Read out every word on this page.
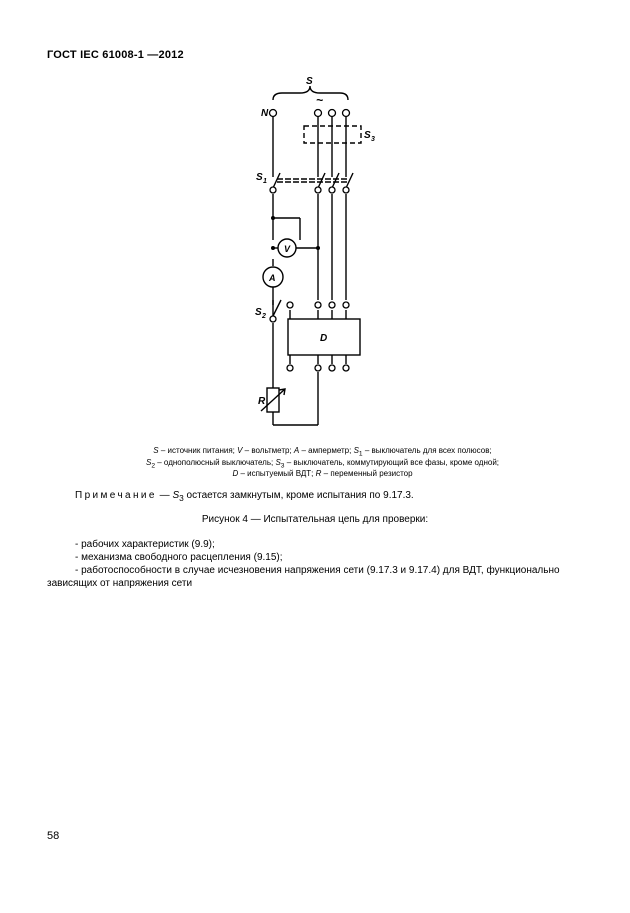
ГОСТ IEC 61008-1 —2012
S
~
N
S 3
S 1
V
A
S 2
D
R
S – источник питания; V – вольтметр; A – амперметр; $S_1$ – выключатель для всех полюсов;
$S_2$ – однополюсный выключатель; $S_3$ – выключатель, коммутирующий все фазы, кроме одной;
D – испытуемый ВДТ; R – переменный резистор
Примечание — $S_3$ остается замкнутым, кроме испытания по 9.17.3.
Рисунок 4 — Испытательная цепь для проверки:
- рабочих характеристик (9.9);
- механизма свободного расцепления (9.15);
- работоспособности в случае исчезновения напряжения сети (9.17.3 и 9.17.4) для ВДТ, функционально
зависящих от напряжения сети
58
